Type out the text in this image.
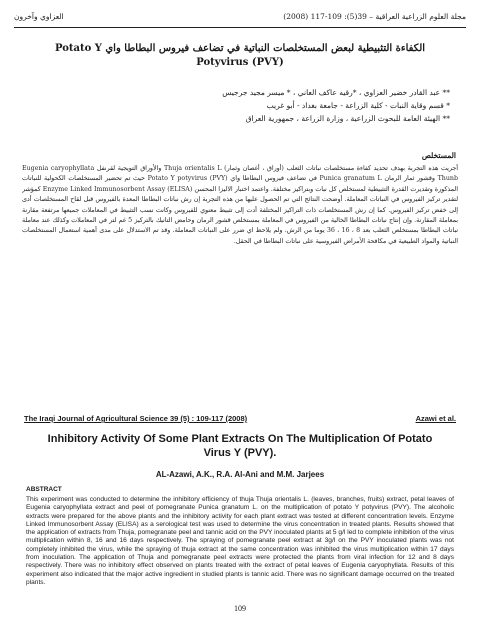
مجلة العلوم الزراعية العراقية – 39(5): 109-117 (2008)
العزاوي وآخرون
الكفاءة التثبيطية لبعض المستخلصات النباتية في تضاعف فيروس البطاطا واي Potato Y
Potyvirus (PVY)
** عبد القادر خضير العزاوي ، *رقيه عاكف العاني ، * ميسر مجيد جرجيس
* قسم وقاية النبات - كلية الزراعة - جامعة بغداد - أبو غريب
** الهيئة العامة للبحوث الزراعية ، وزارة الزراعة ، جمهورية العراق
المستخلص
أجريت هذه التجربة بهدف تحديد كفاءة مستخلصات نباتات الثعلب (أوراق ، أغصان وثمار) Thuja orientalis L والأوراق التويجية لقرنفل Eugenia caryophyllata Thunb وقشور ثمار الرمان Punica granatum L في تضاعف فيروس البطاطا واي Potato Y potyvirus (PVY) حيث تم تحضير المستخلصات الكحولية للنباتات المذكورة وتقديرت القدرة التثبيطية لمستخلص كل نبات وبتراكيز مختلفة. واعتمد اختبار الاليزا المحسن Enzyme Linked Immunosorbent Assay (ELISA) كمؤشر لتقدير تركيز الفيروس في النباتات المعاملة. أوضحت النتائج التي تم الحصول عليها من هذه التجربة إن رش نباتات البطاطا المعدة بالفيروس قبل لقاح المستخلصات أدى إلى خفض تركيز الفيروس. كما إن رش المستخلصات ذات التراكيز المختلفة أدت إلى تثبيط معنوي للفيروس وكانت نسب التثبيط في المعاملات جميعها مرتفعة مقارنة بمعاملة المقارنة. وإن إنتاج نباتات البطاطا الخالية من الفيروس في المعاملة بمستخلص قشور الرمان وحامض التانيك بالتركيز 5 غم لتر في المعاملات وكذلك عند معاملة نباتات البطاطا بمستخلص الثعلب بعد 8 ، 16 ، 36 يوما من الرش. ولم يلاحظ اي ضرر على النباتات المعاملة. وقد تم الاستدلال على مدى أهمية استعمال المستخلصات النباتية والمواد الطبيعية في مكافحة الأمراض الفيروسية على نباتات البطاطا في الحقل.
The Iraqi Journal of Agricultural Science 39 (5) : 109-117 (2008)	Azawi et al.
Inhibitory Activity Of Some Plant Extracts On The Multiplication Of Potato
Virus Y (PVY).
AL-Azawi, A.K., R.A. Al-Ani and M.M. Jarjees
ABSTRACT
This experiment was conducted to determine the inhibitory efficiency of thuja Thuja orientalis L. (leaves, branches, fruits) extract, petal leaves of Eugenia caryophyllata extract and peel of pomegranate Punica granatum L. on the multiplication of potato Y potyvirus (PVY). The alcoholic extracts were prepared for the above plants and the inhibitory activity for each plant extract was tested at different concentration levels. Enzyme Linked Immunosorbent Assay (ELISA) as a serological test was used to determine the virus concentration in treated plants. Results showed that the application of extracts from Thuja, pomegranate peel and tannic acid on the PVY inoculated plants at 5 g/l led to complete inhibition of the virus multiplication within 8, 16 and 16 days respectively. The spraying of pomegranate peel extract at 3g/l on the PVY inoculated plants was not completely inhibited the virus, while the spraying of thuja extract at the same concentration was inhibited the virus multiplication within 17 days from inoculation. The application of Thuja and pomegranate peel extracts were protected the plants from viral infection for 12 and 8 days respectively. There was no inhibitory effect observed on plants treated with the extract of petal leaves of Eugenia caryophyllata. Results of this experiment also indicated that the major active ingredient in studied plants is tannic acid. There was no significant damage occurred on the treated plants.
109
